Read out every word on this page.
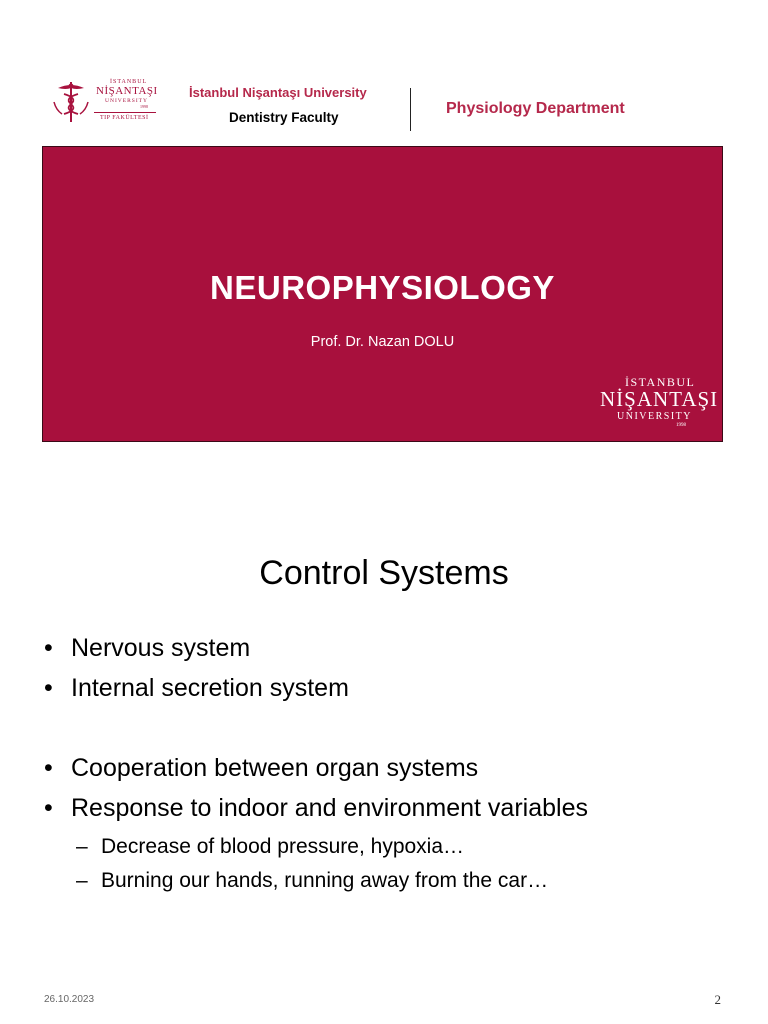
İSTANBUL
NİŞANTAŞI
UNIVERSITY
1998
TIP FAKÜLTESİ
İstanbul Nişantaşı University
Dentistry Faculty
Physiology Department
NEUROPHYSIOLOGY
Prof. Dr. Nazan DOLU
İSTANBUL
NİŞANTAŞI
UNIVERSITY
1998
Control Systems
• Nervous system
• Internal secretion system
• Cooperation between organ systems
• Response to indoor and environment variables
– Decrease of blood pressure, hypoxia…
– Burning our hands, running away from the car…
26.10.2023	2
